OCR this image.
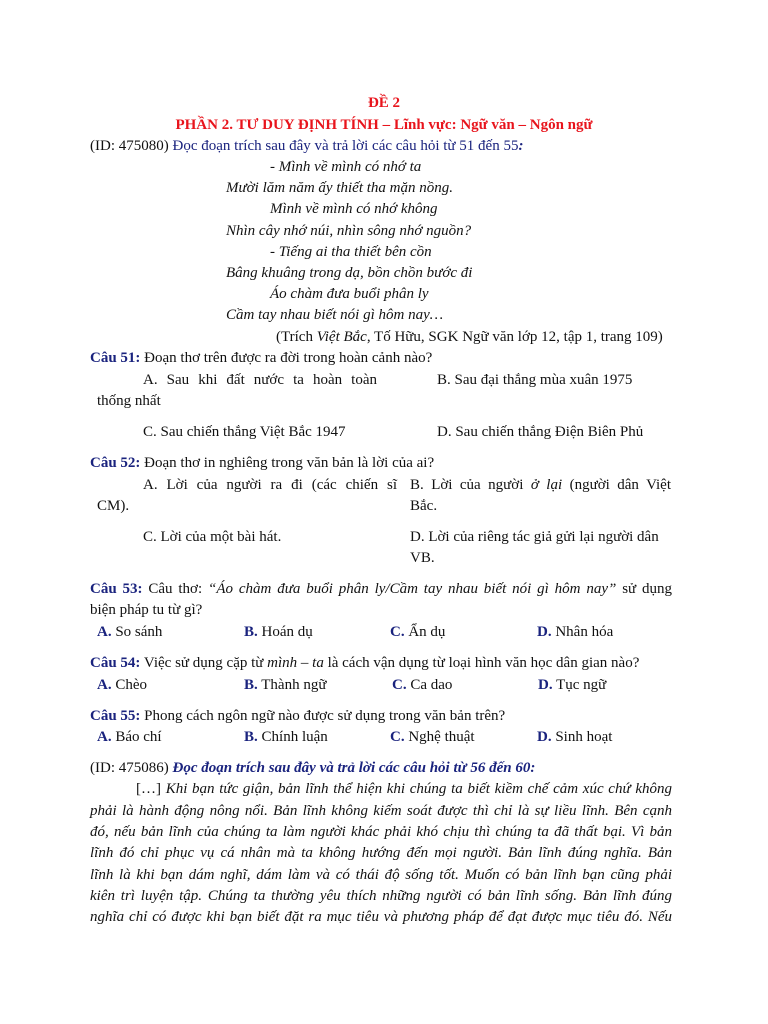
ĐỀ 2
PHẦN 2. TƯ DUY ĐỊNH TÍNH – Lĩnh vực: Ngữ văn – Ngôn ngữ
(ID: 475080) Đọc đoạn trích sau đây và trả lời các câu hỏi từ 51 đến 55:
- Mình về mình có nhớ ta
Mười lăm năm ấy thiết tha mặn nồng.
Mình về mình có nhớ không
Nhìn cây nhớ núi, nhìn sông nhớ nguồn?
- Tiếng ai tha thiết bên cồn
Bâng khuâng trong dạ, bồn chồn bước đi
Áo chàm đưa buổi phân ly
Cầm tay nhau biết nói gì hôm nay…
(Trích Việt Bắc, Tố Hữu, SGK Ngữ văn lớp 12, tập 1, trang 109)
Câu 51: Đoạn thơ trên được ra đời trong hoàn cảnh nào?
A. Sau khi đất nước ta hoàn toàn
thống nhất
B. Sau đại thắng mùa xuân 1975
C. Sau chiến thắng Việt Bắc 1947	D. Sau chiến thắng Điện Biên Phủ
Câu 52: Đoạn thơ in nghiêng trong văn bản là lời của ai?
A. Lời của người ra đi (các chiến sĩ
CM).
B. Lời của người ở lại (người dân Việt
Bắc.
C. Lời của một bài hát.	D. Lời của riêng tác giả gửi lại người dân
VB.
Câu 53: Câu thơ: “Áo chàm đưa buổi phân ly/Cầm tay nhau biết nói gì hôm nay” sử dụng
biện pháp tu từ gì?
A. So sánh	B. Hoán dụ	C. Ẩn dụ	D. Nhân hóa
Câu 54: Việc sử dụng cặp từ mình – ta là cách vận dụng từ loại hình văn học dân gian nào?
A. Chèo	B. Thành ngữ	C. Ca dao	D. Tục ngữ
Câu 55: Phong cách ngôn ngữ nào được sử dụng trong văn bản trên?
A. Báo chí	B. Chính luận	C. Nghệ thuật	D. Sinh hoạt
(ID: 475086) Đọc đoạn trích sau đây và trả lời các câu hỏi từ 56 đến 60:
[…] Khi bạn tức giận, bản lĩnh thể hiện khi chúng ta biết kiềm chế cảm xúc chứ không
phải là hành động nông nổi. Bản lĩnh không kiếm soát được thì chỉ là sự liều lĩnh. Bên cạnh
đó, nếu bản lĩnh của chúng ta làm người khác phải khó chịu thì chúng ta đã thất bại. Vì bản
lĩnh đó chỉ phục vụ cá nhân mà ta không hướng đến mọi người. Bản lĩnh đúng nghĩa. Bản
lĩnh là khi bạn dám nghĩ, dám làm và có thái độ sống tốt. Muốn có bản lĩnh bạn cũng phải
kiên trì luyện tập. Chúng ta thường yêu thích những người có bản lĩnh sống. Bản lĩnh đúng
nghĩa chỉ có được khi bạn biết đặt ra mục tiêu và phương pháp để đạt được mục tiêu đó. Nếu
